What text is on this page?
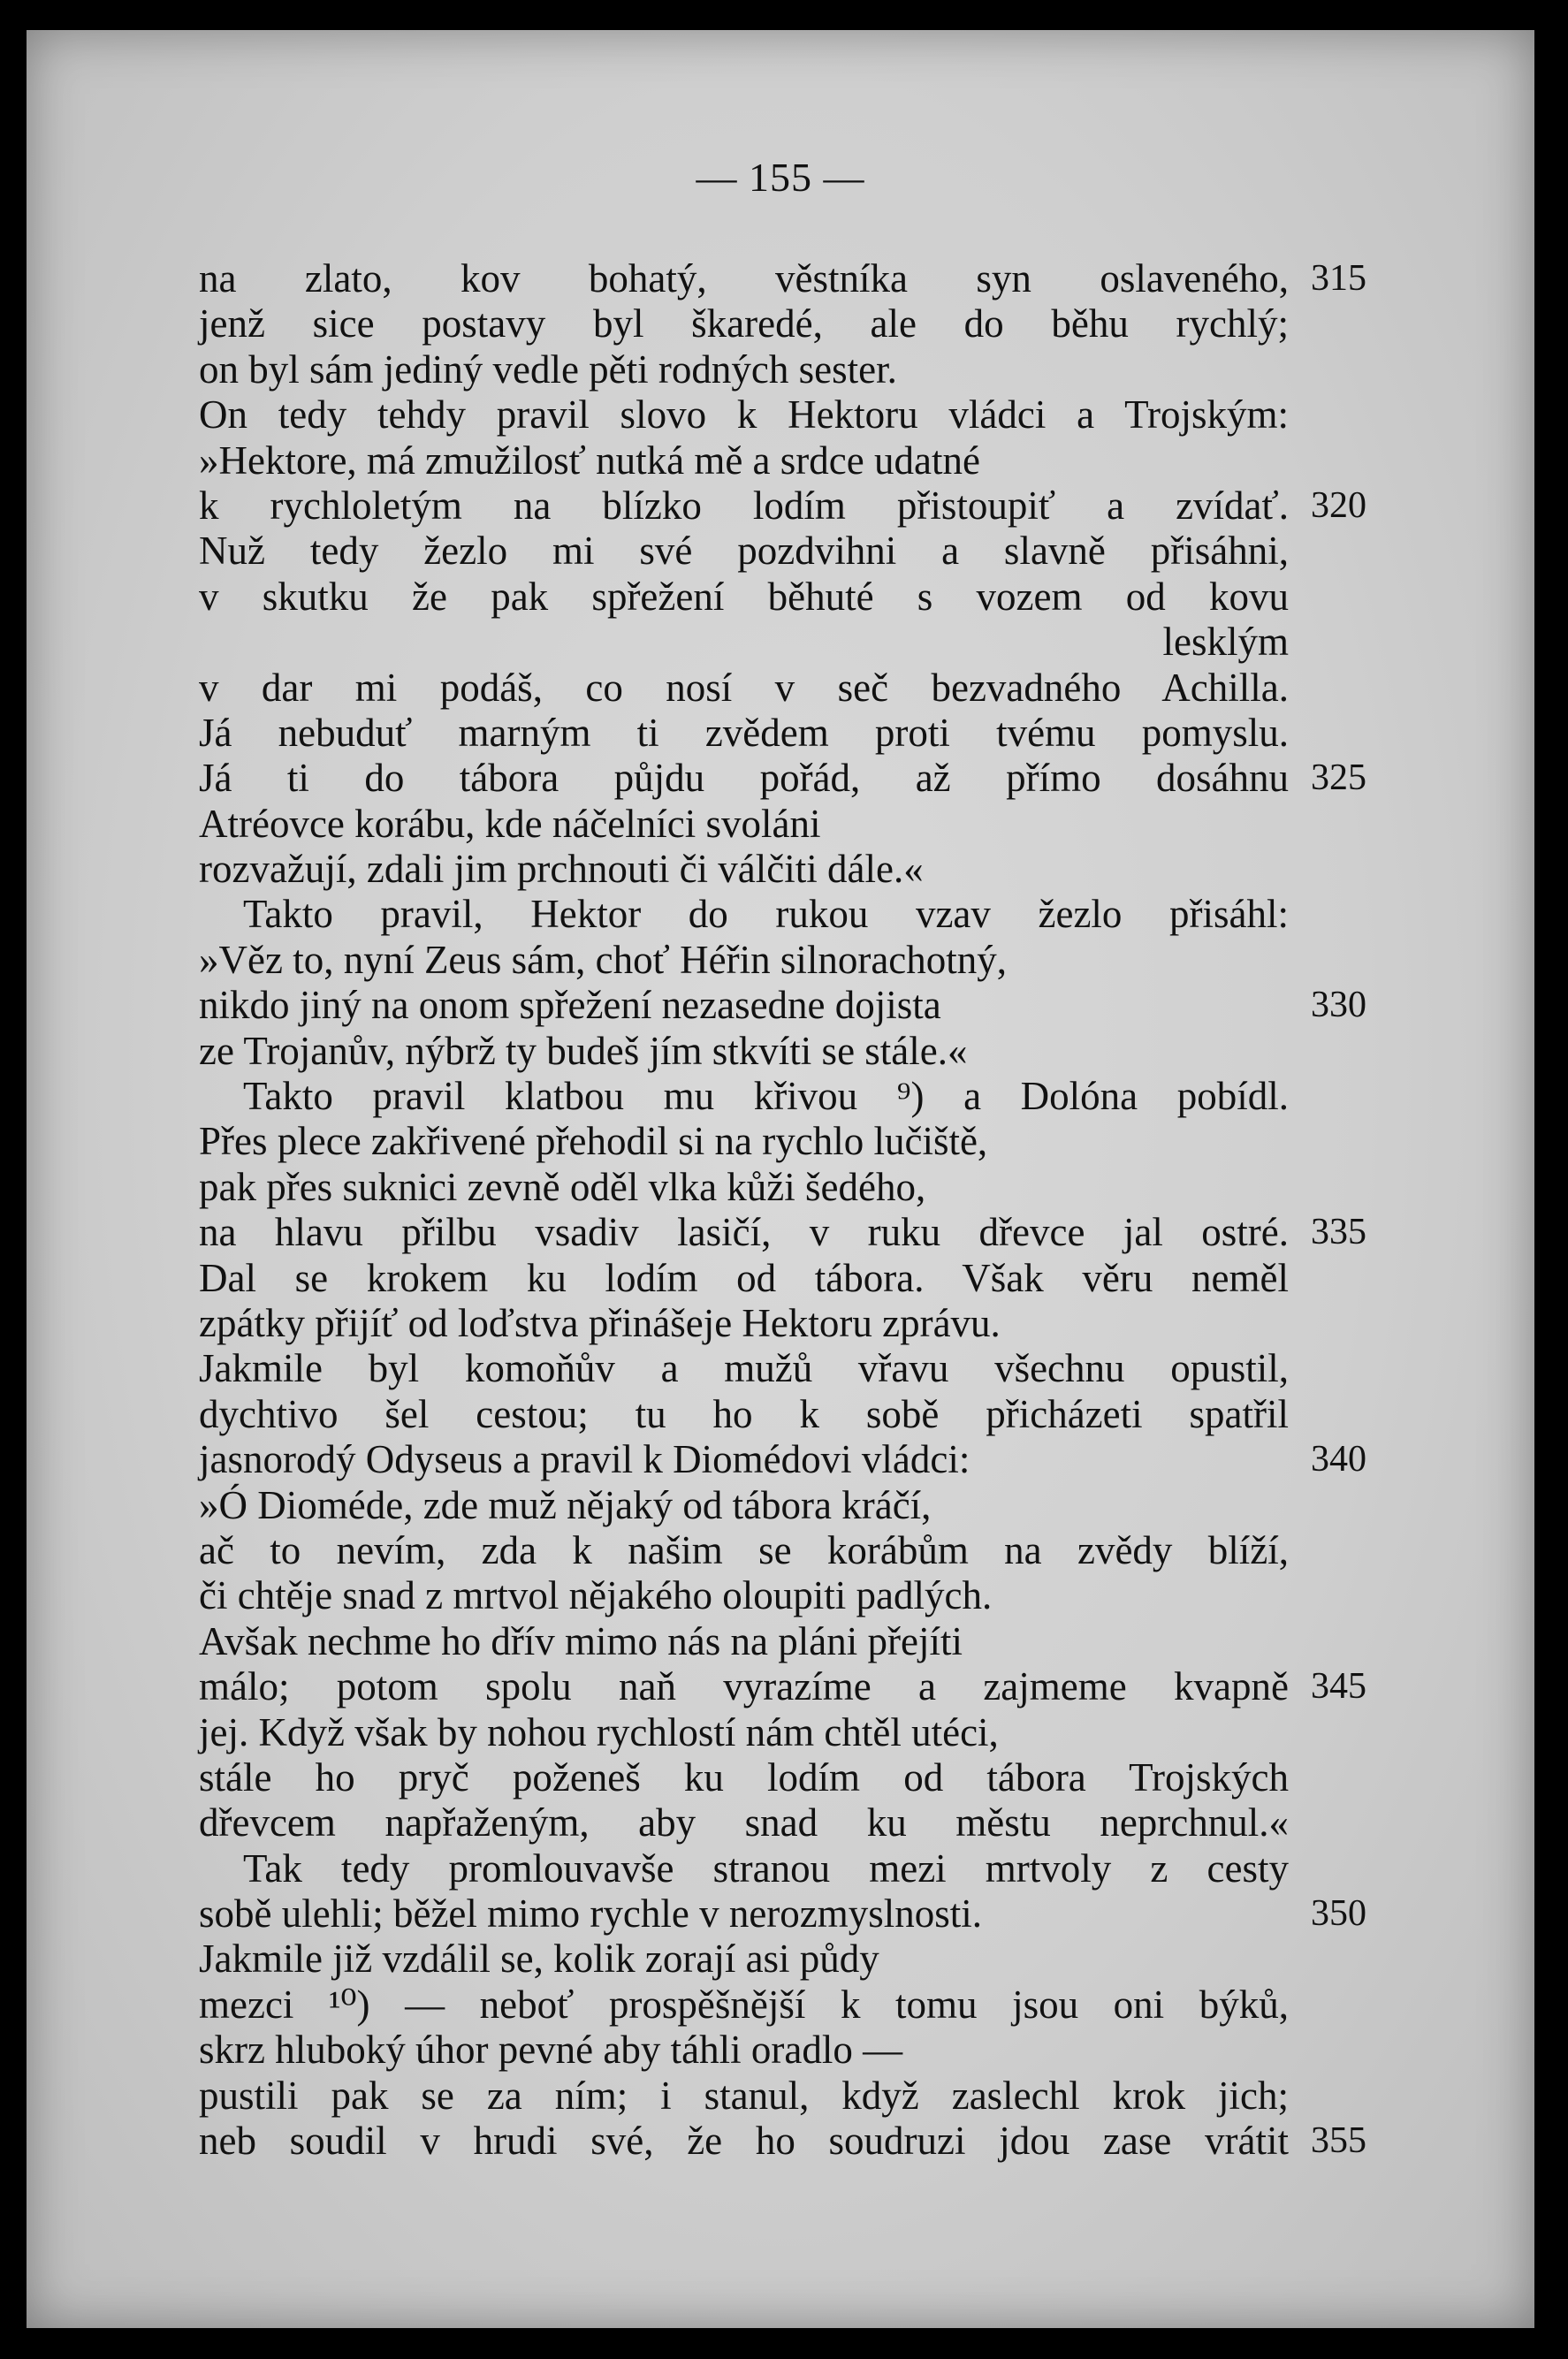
— 155 —
na zlato, kov bohatý, věstníka syn oslaveného, 315
jenž sice postavy byl škaredé, ale do běhu rychlý;
on byl sám jediný vedle pěti rodných sester.
On tedy tehdy pravil slovo k Hektoru vládci a Trojským:
»Hektore, má zmužilosť nutká mě a srdce udatné
k rychloletým na blízko lodím přistoupiť a zvídať. 320
Nuž tedy žezlo mi své pozdvihni a slavně přisáhni,
v skutku že pak spřežení běhuté s vozem od kovu
lesklým
v dar mi podáš, co nosí v seč bezvadného Achilla.
Já nebuduť marným ti zvědem proti tvému pomyslu.
Já ti do tábora půjdu pořád, až přímo dosáhnu 325
Atréovce korábu, kde náčelníci svoláni
rozvažují, zdali jim prchnouti či válčiti dále.«
Takto pravil, Hektor do rukou vzav žezlo přisáhl:
»Věz to, nyní Zeus sám, choť Héřin silnorachotný,
nikdo jiný na onom spřežení nezasedne dojista	330
ze Trojanův, nýbrž ty budeš jím stkvíti se stále.«
Takto pravil klatbou mu křivou ⁹) a Dolóna pobídl.
Přes plece zakřivené přehodil si na rychlo lučiště,
pak přes suknici zevně oděl vlka kůži šedého,
na hlavu přilbu vsadiv lasičí, v ruku dřevce jal ostré. 335
Dal se krokem ku lodím od tábora. Však věru neměl
zpátky přijíť od loďstva přinášeje Hektoru zprávu.
Jakmile byl komoňův a mužů vřavu všechnu opustil,
dychtivo šel cestou; tu ho k sobě přicházeti spatřil
jasnorodý Odyseus a pravil k Diomédovi vládci:	340
»Ó Dioméde, zde muž nějaký od tábora kráčí,
ač to nevím, zda k našim se korábům na zvědy blíží,
či chtěje snad z mrtvol nějakého oloupiti padlých.
Avšak nechme ho dřív mimo nás na pláni přejíti
málo; potom spolu naň vyrazíme a zajmeme kvapně 345
jej. Když však by nohou rychlostí nám chtěl utéci,
stále ho pryč poženeš ku lodím od tábora Trojských
dřevcem napřaženým, aby snad ku městu neprchnul.«
Tak tedy promlouvavše stranou mezi mrtvoly z cesty
sobě ulehli; běžel mimo rychle v nerozmyslnosti.	350
Jakmile již vzdálil se, kolik zorají asi půdy
mezci ¹⁰) — neboť prospěšnější k tomu jsou oni býků,
skrz hluboký úhor pevné aby táhli oradlo —
pustili pak se za ním; i stanul, když zaslechl krok jich;
neb soudil v hrudi své, že ho soudruzi jdou zase vrátit 355
